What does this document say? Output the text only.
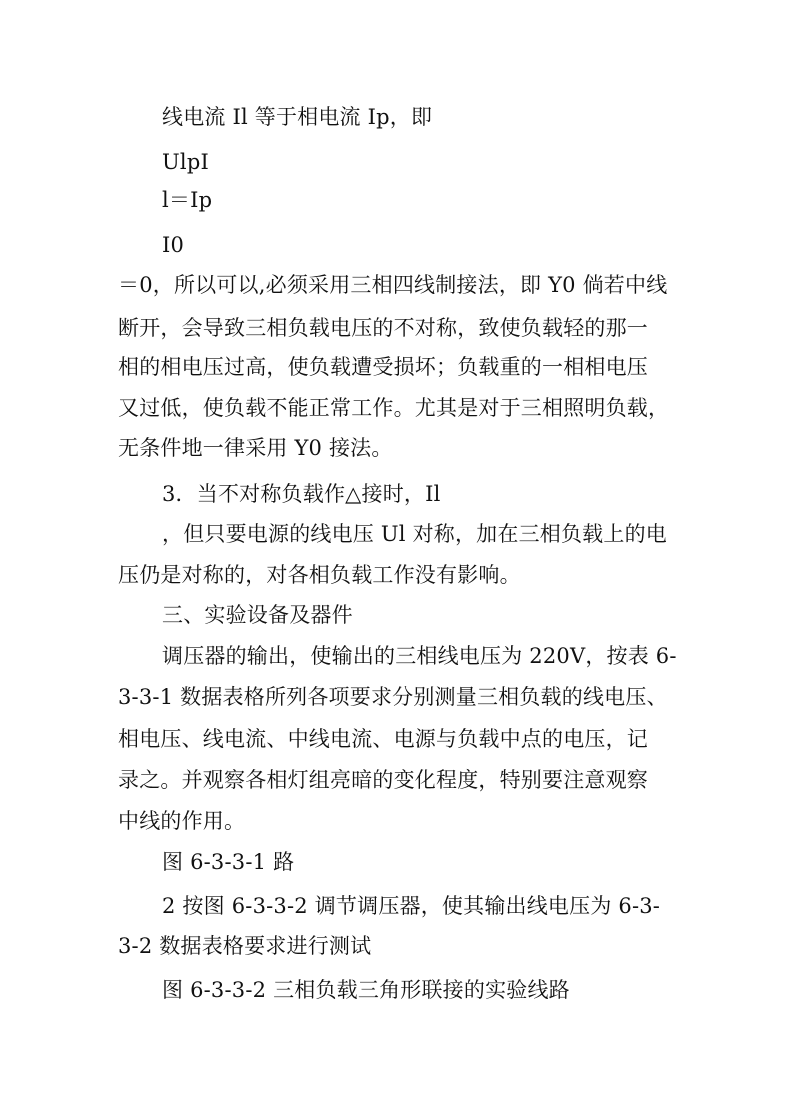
线电流 Il 等于相电流 Ip，即
UlpI
l＝Ip
I0
＝0，所以可以,必须采用三相四线制接法，即 Y0 倘若中线
断开，会导致三相负载电压的不对称，致使负载轻的那一
相的相电压过高，使负载遭受损坏；负载重的一相相电压
又过低，使负载不能正常工作。尤其是对于三相照明负载，
无条件地一律采用 Y0 接法。
3．当不对称负载作△接时，Il
，但只要电源的线电压 Ul 对称，加在三相负载上的电
压仍是对称的，对各相负载工作没有影响。
三、实验设备及器件
调压器的输出，使输出的三相线电压为 220V，按表 6-
3-3-1 数据表格所列各项要求分别测量三相负载的线电压、
相电压、线电流、中线电流、电源与负载中点的电压，记
录之。并观察各相灯组亮暗的变化程度，特别要注意观察
中线的作用。
图 6-3-3-1 路
2 按图 6-3-3-2 调节调压器，使其输出线电压为 6-3-
3-2 数据表格要求进行测试
图 6-3-3-2 三相负载三角形联接的实验线路
